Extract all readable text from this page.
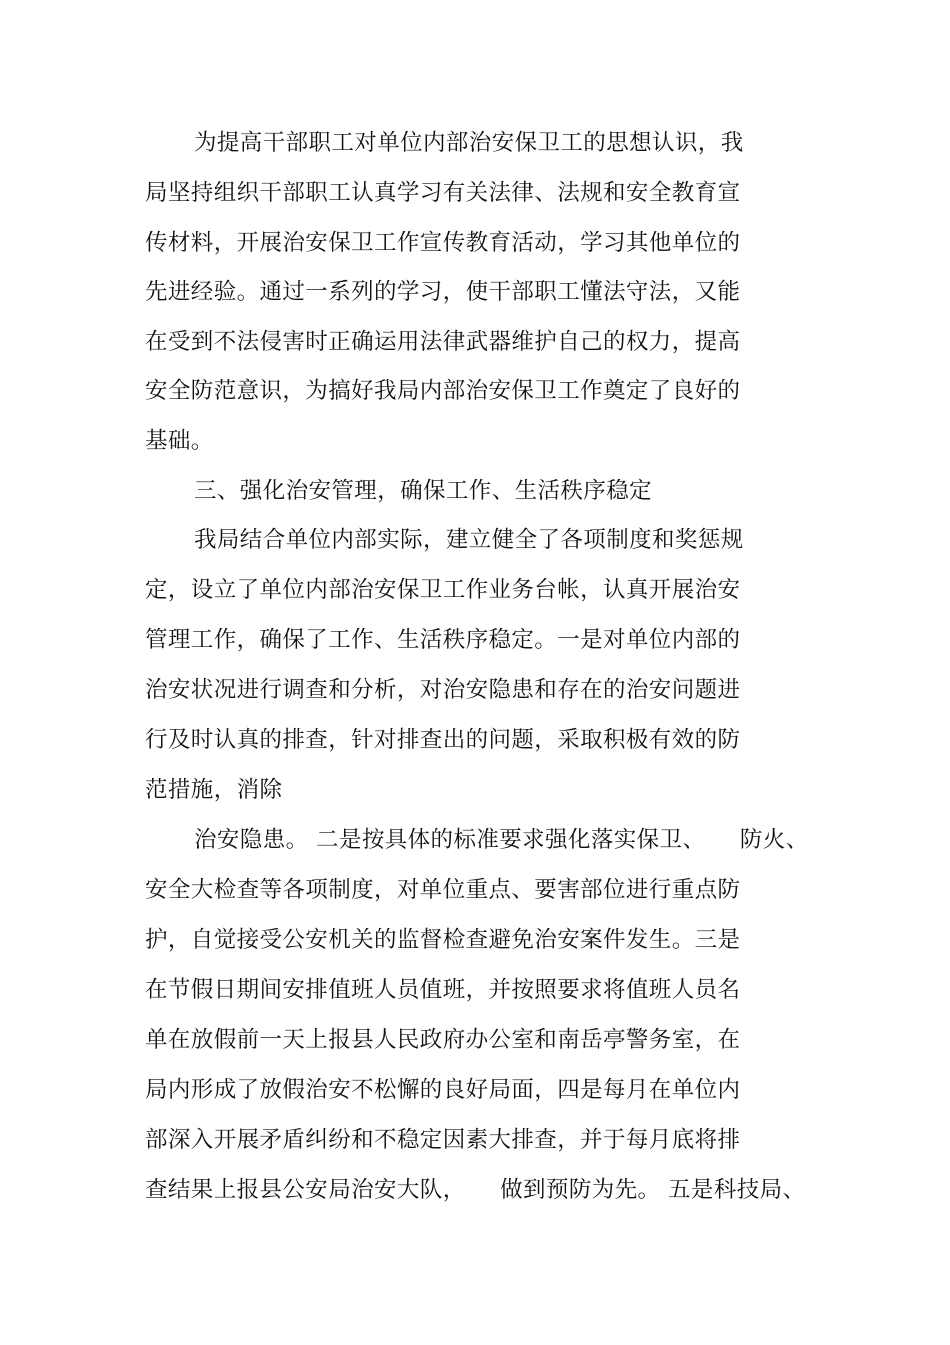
为提高干部职工对单位内部治安保卫工的思想认识，我
局坚持组织干部职工认真学习有关法律、法规和安全教育宣
传材料，开展治安保卫工作宣传教育活动，学习其他单位的
先进经验。通过一系列的学习，使干部职工懂法守法，又能
在受到不法侵害时正确运用法律武器维护自己的权力，提高
安全防范意识，为搞好我局内部治安保卫工作奠定了良好的
基础。
三、强化治安管理，确保工作、生活秩序稳定
我局结合单位内部实际，建立健全了各项制度和奖惩规
定，设立了单位内部治安保卫工作业务台帐，认真开展治安
管理工作，确保了工作、生活秩序稳定。一是对单位内部的
治安状况进行调查和分析，对治安隐患和存在的治安问题进
行及时认真的排查，针对排查出的问题，采取积极有效的防
范措施，消除
治安隐患。 二是按具体的标准要求强化落实保卫、　　防火、
安全大检查等各项制度，对单位重点、要害部位进行重点防
护，自觉接受公安机关的监督检查避免治安案件发生。三是
在节假日期间安排值班人员值班，并按照要求将值班人员名
单在放假前一天上报县人民政府办公室和南岳亭警务室，在
局内形成了放假治安不松懈的良好局面，四是每月在单位内
部深入开展矛盾纠纷和不稳定因素大排查，并于每月底将排
查结果上报县公安局治安大队，　　做到预防为先。 五是科技局、
